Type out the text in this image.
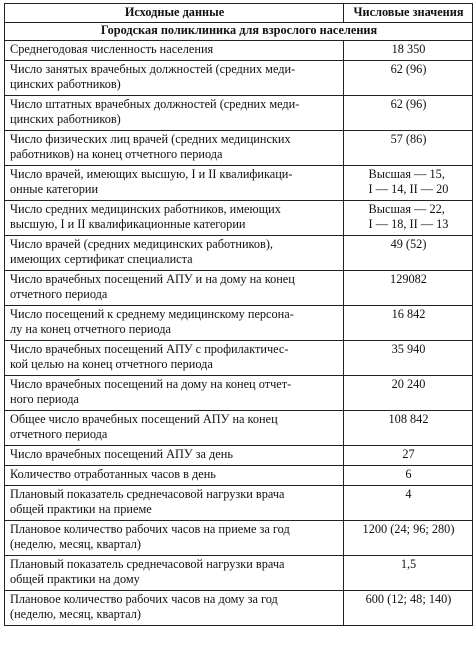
Исходные данные	Числовые значения
Городская поликлиника для взрослого населения	

Среднегодовая численность населения	18 350

Число занятых врачебных должностей (средних меди-
цинских работников)	62 (96)

Число штатных врачебных должностей (средних меди-
цинских работников)	62 (96)

Число физических лиц врачей (средних медицинских
работников) на конец отчетного периода	57 (86)

Число врачей, имеющих высшую, I и II квалификаци-
онные категории	Высшая — 15,
I — 14, II — 20

Число средних медицинских работников, имеющих
высшую, I и II квалификационные категории	Высшая — 22,
I — 18, II — 13

Число врачей (средних медицинских работников),
имеющих сертификат специалиста	49 (52)

Число врачебных посещений АПУ и на дому на конец
отчетного периода	129082

Число посещений к среднему медицинскому персона-
лу на конец отчетного периода	16 842

Число врачебных посещений АПУ с профилактичес-
кой целью на конец отчетного периода	35 940

Число врачебных посещений на дому на конец отчет-
ного периода	20 240

Общее число врачебных посещений АПУ на конец
отчетного периода	108 842

Число врачебных посещений АПУ за день	27

Количество отработанных часов в день	6

Плановый показатель среднечасовой нагрузки врача
общей практики на приеме	4

Плановое количество рабочих часов на приеме за год
(неделю, месяц, квартал)	1200 (24; 96; 280)

Плановый показатель среднечасовой нагрузки врача
общей практики на дому	1,5

Плановое количество рабочих часов на дому за год
(неделю, месяц, квартал)	600 (12; 48; 140)
